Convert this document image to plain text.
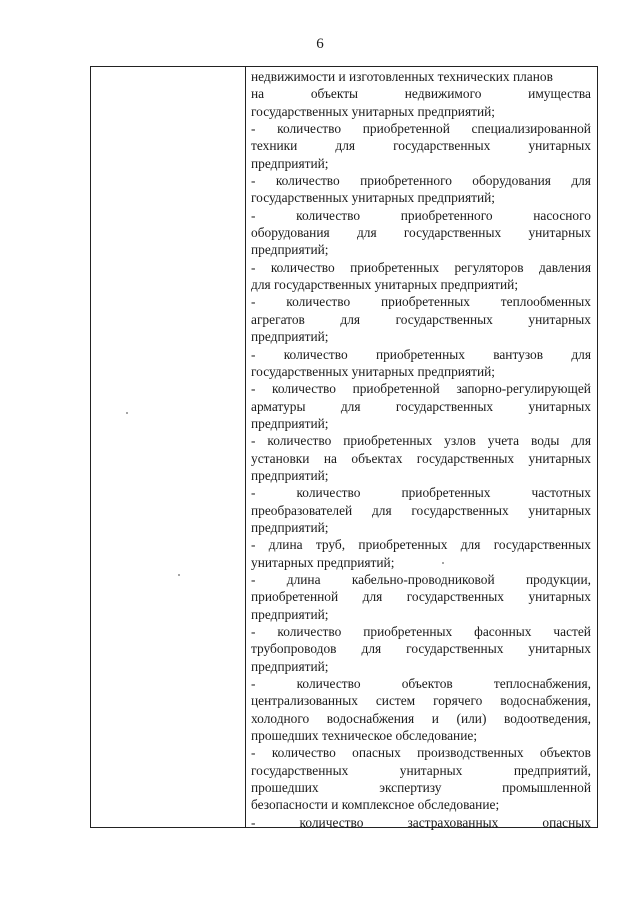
6
недвижимости и изготовленных технических планов
на	объекты	недвижимого	имущества
государственных унитарных предприятий;
- количество приобретенной специализированной
техники	для	государственных	унитарных
предприятий;
- количество приобретенного оборудования для
государственных унитарных предприятий;
-	количество	приобретенного	насосного
оборудования для государственных унитарных
предприятий;
- количество приобретенных регуляторов давления
для государственных унитарных предприятий;
- количество приобретенных теплообменных
агрегатов	для	государственных	унитарных
предприятий;
- количество приобретенных вантузов для
государственных унитарных предприятий;
- количество приобретенной запорно-регулирующей
арматуры	для	государственных	унитарных
предприятий;
- количество приобретенных узлов учета воды для
установки на объектах государственных унитарных
предприятий;
-	количество	приобретенных	частотных
преобразователей для государственных унитарных
предприятий;
- длина труб, приобретенных для государственных
унитарных предприятий;
- длина кабельно-проводниковой продукции,
приобретенной для государственных унитарных
предприятий;
- количество приобретенных фасонных частей
трубопроводов для государственных унитарных
предприятий;
-	количество	объектов	теплоснабжения,
централизованных систем горячего водоснабжения,
холодного водоснабжения и (или) водоотведения,
прошедших техническое обследование;
- количество опасных производственных объектов
государственных	унитарных	предприятий,
прошедших	экспертизу	промышленной
безопасности и комплексное обследование;
-	количество	застрахованных	опасных
